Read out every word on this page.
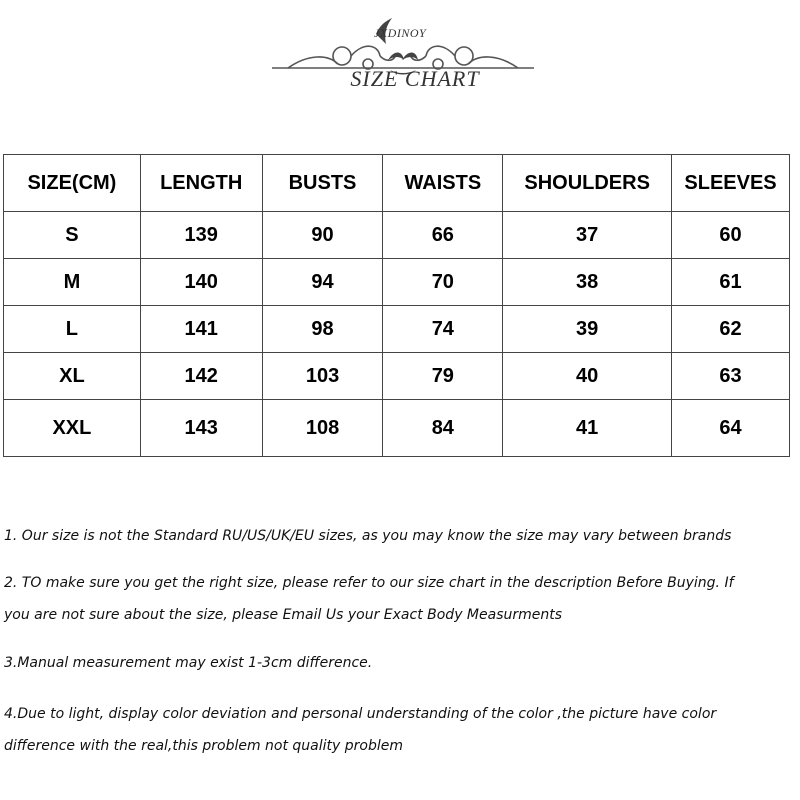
JXDINOY
SIZE CHART
SIZE(CM)	LENGTH	BUSTS	WAISTS	SHOULDERS	SLEEVES
S	139	90	66	37	60
M	140	94	70	38	61
L	141	98	74	39	62
XL	142	103	79	40	63
XXL	143	108	84	41	64
1. Our size is not the Standard RU/US/UK/EU sizes, as you may know the size may vary between brands
2. TO make sure you get the right size, please refer to our size chart in the description Before Buying. If
you are not sure about the size, please Email Us your Exact Body Measurments
3.Manual measurement may exist 1-3cm difference.
4.Due to light, display color deviation and personal understanding of the color ,the picture have color
difference with the real,this problem not quality problem
